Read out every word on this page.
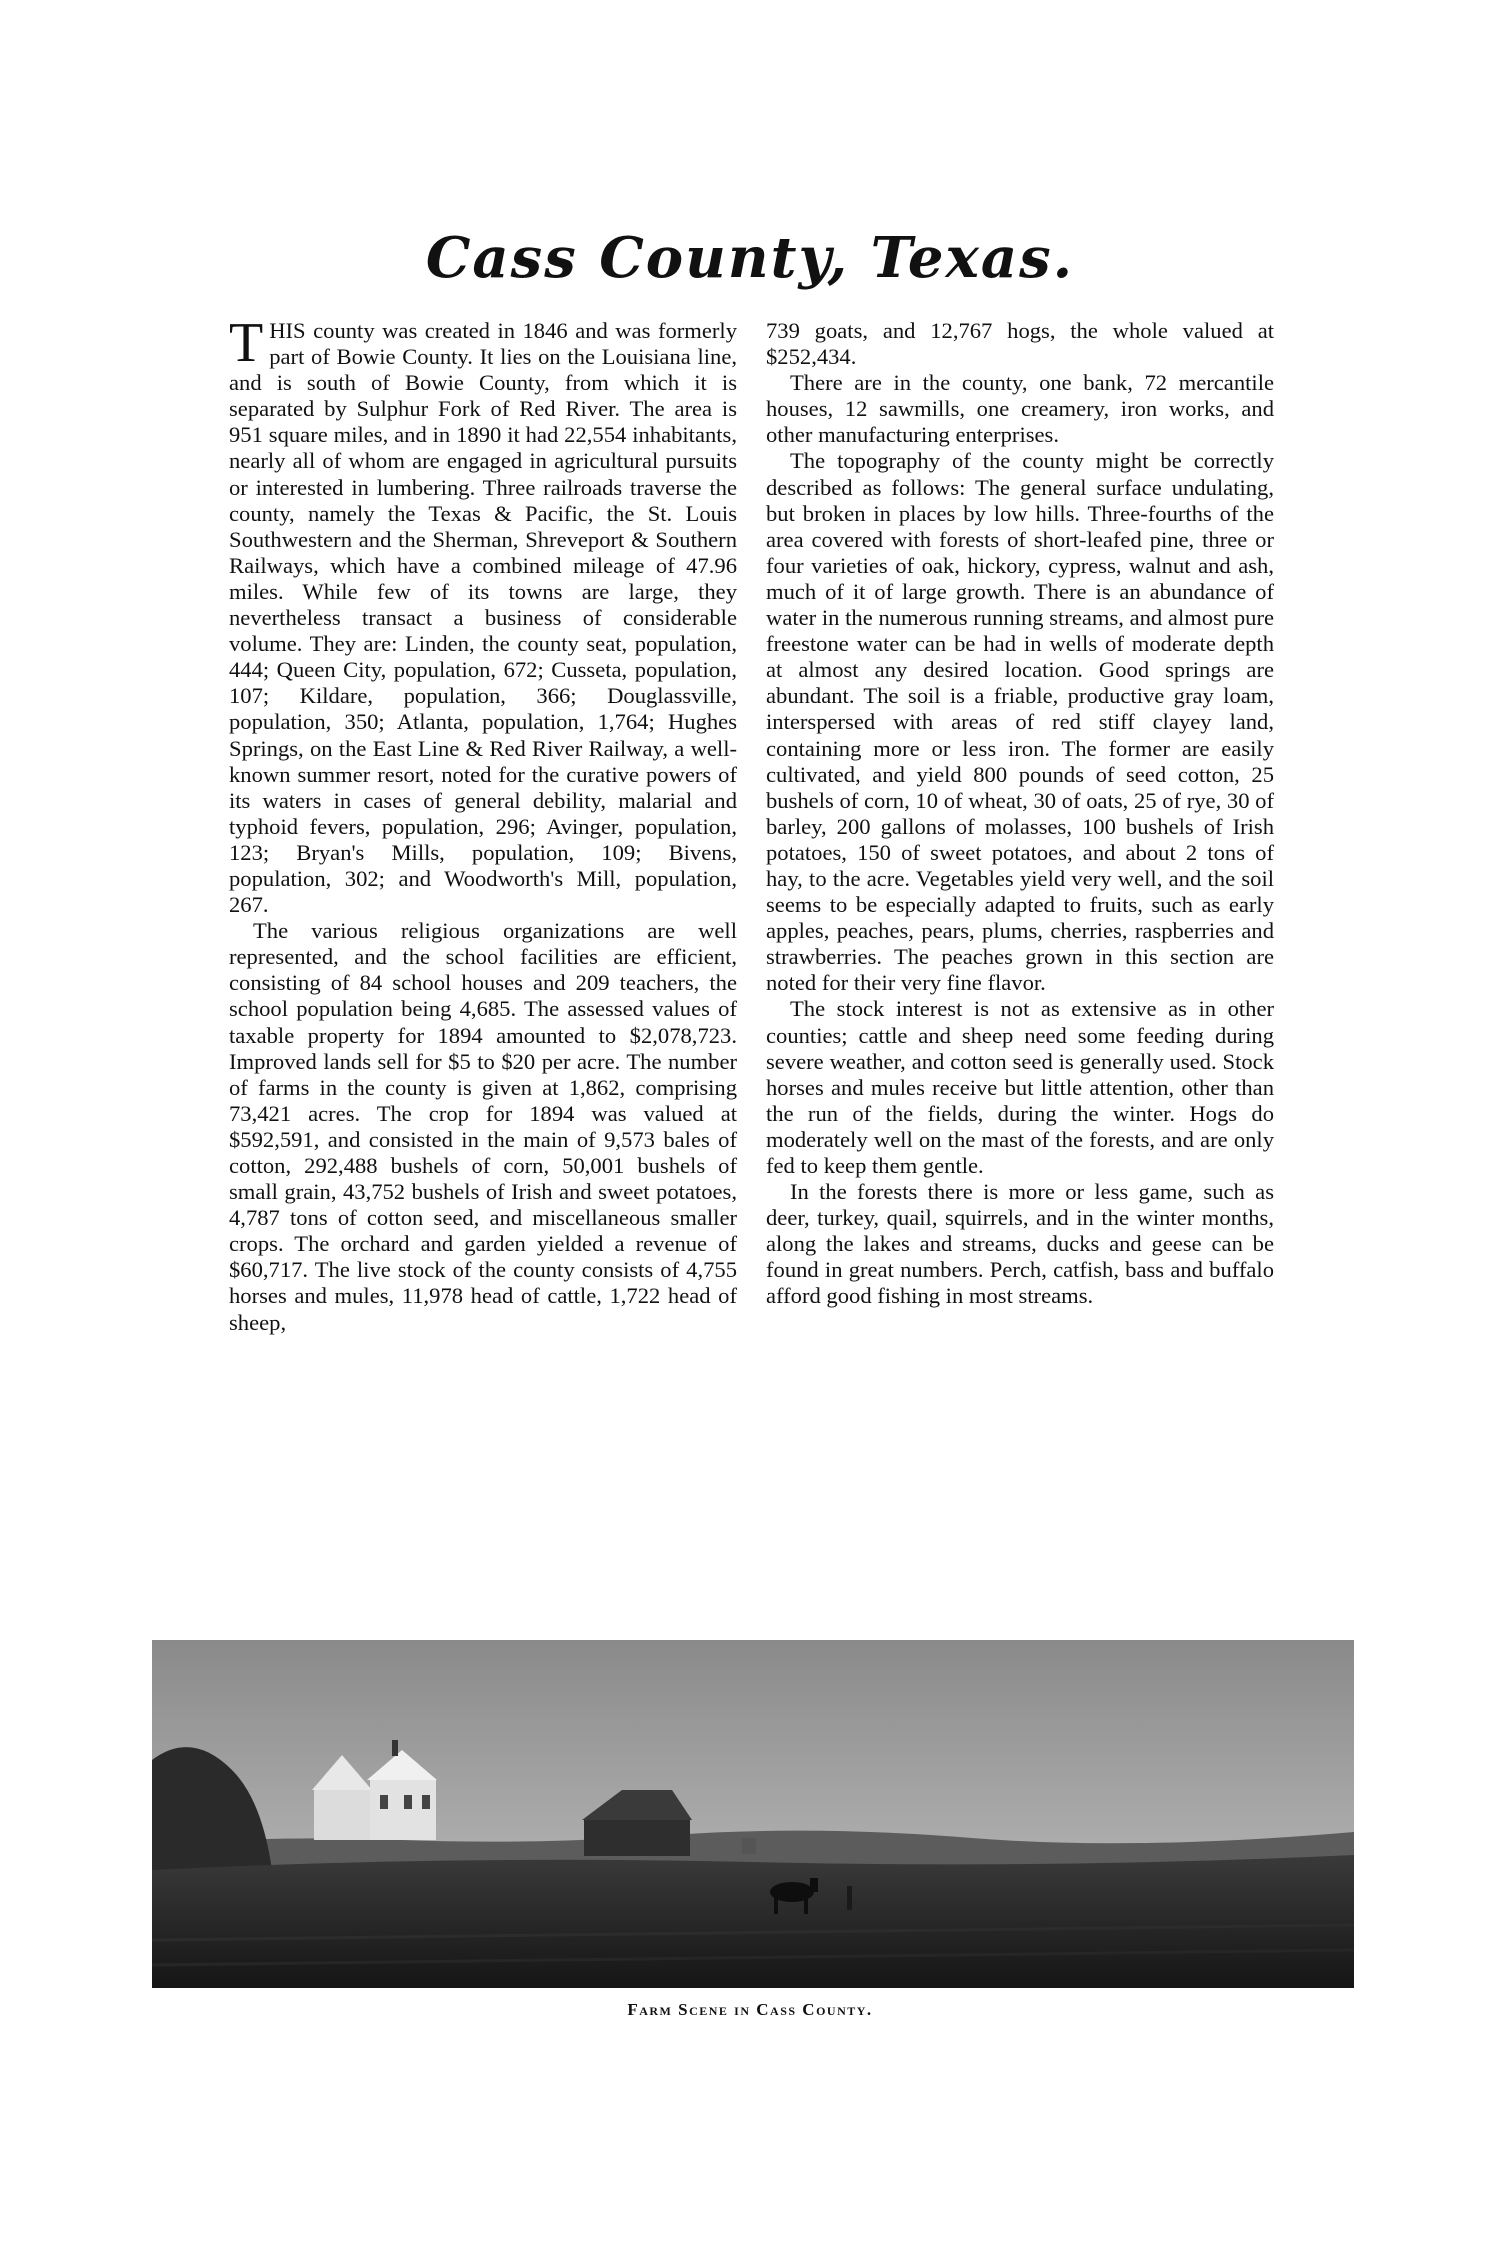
Cass County, Texas.

THIS county was created in 1846 and was formerly part of Bowie County. It lies on the Louisiana line, and is south of Bowie County, from which it is separated by Sulphur Fork of Red River. The area is 951 square miles, and in 1890 it had 22,554 inhabitants, nearly all of whom are engaged in agricultural pursuits or interested in lumbering. Three railroads traverse the county, namely the Texas & Pacific, the St. Louis Southwestern and the Sherman, Shreveport & Southern Railways, which have a combined mileage of 47.96 miles. While few of its towns are large, they nevertheless transact a business of considerable volume. They are: Linden, the county seat, population, 444; Queen City, population, 672; Cusseta, population, 107; Kildare, population, 366; Douglassville, population, 350; Atlanta, population, 1,764; Hughes Springs, on the East Line & Red River Railway, a well-known summer resort, noted for the curative powers of its waters in cases of general debility, malarial and typhoid fevers, population, 296; Avinger, population, 123; Bryan's Mills, population, 109; Bivens, population, 302; and Woodworth's Mill, population, 267.

The various religious organizations are well represented, and the school facilities are efficient, consisting of 84 school houses and 209 teachers, the school population being 4,685. The assessed values of taxable property for 1894 amounted to $2,078,723. Improved lands sell for $5 to $20 per acre. The number of farms in the county is given at 1,862, comprising 73,421 acres. The crop for 1894 was valued at $592,591, and consisted in the main of 9,573 bales of cotton, 292,488 bushels of corn, 50,001 bushels of small grain, 43,752 bushels of Irish and sweet potatoes, 4,787 tons of cotton seed, and miscellaneous smaller crops. The orchard and garden yielded a revenue of $60,717. The live stock of the county consists of 4,755 horses and mules, 11,978 head of cattle, 1,722 head of sheep,

739 goats, and 12,767 hogs, the whole valued at $252,434.

There are in the county, one bank, 72 mercantile houses, 12 sawmills, one creamery, iron works, and other manufacturing enterprises.

The topography of the county might be correctly described as follows: The general surface undulating, but broken in places by low hills. Three-fourths of the area covered with forests of short-leafed pine, three or four varieties of oak, hickory, cypress, walnut and ash, much of it of large growth. There is an abundance of water in the numerous running streams, and almost pure freestone water can be had in wells of moderate depth at almost any desired location. Good springs are abundant. The soil is a friable, productive gray loam, interspersed with areas of red stiff clayey land, containing more or less iron. The former are easily cultivated, and yield 800 pounds of seed cotton, 25 bushels of corn, 10 of wheat, 30 of oats, 25 of rye, 30 of barley, 200 gallons of molasses, 100 bushels of Irish potatoes, 150 of sweet potatoes, and about 2 tons of hay, to the acre. Vegetables yield very well, and the soil seems to be especially adapted to fruits, such as early apples, peaches, pears, plums, cherries, raspberries and strawberries. The peaches grown in this section are noted for their very fine flavor.

The stock interest is not as extensive as in other counties; cattle and sheep need some feeding during severe weather, and cotton seed is generally used. Stock horses and mules receive but little attention, other than the run of the fields, during the winter. Hogs do moderately well on the mast of the forests, and are only fed to keep them gentle.

In the forests there is more or less game, such as deer, turkey, quail, squirrels, and in the winter months, along the lakes and streams, ducks and geese can be found in great numbers. Perch, catfish, bass and buffalo afford good fishing in most streams.

Farm Scene in Cass County.
